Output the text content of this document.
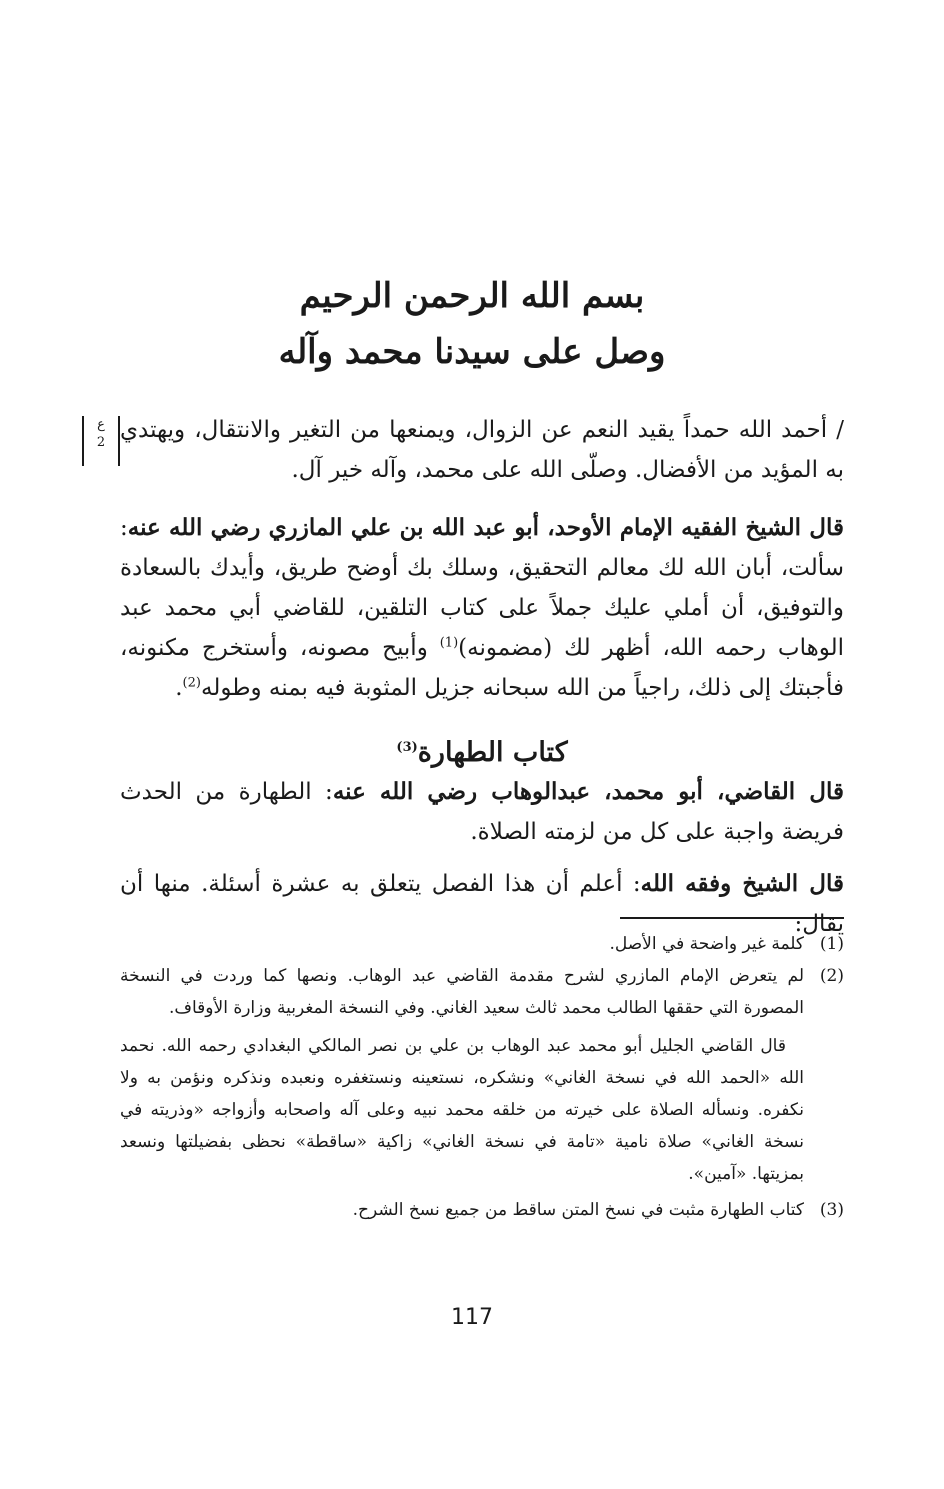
بسم الله الرحمن الرحيم
وصل على سيدنا محمد وآله
ع
2 / أحمد الله حمداً يقيد النعم عن الزوال، ويمنعها من التغير والانتقال، ويهتدي به المؤيد من الأفضال. وصلّى الله على محمد، وآله خير آل.

قال الشيخ الفقيه الإمام الأوحد، أبو عبد الله بن علي المازري رضي الله عنه: سألت، أبان الله لك معالم التحقيق، وسلك بك أوضح طريق، وأيدك بالسعادة والتوفيق، أن أملي عليك جملاً على كتاب التلقين، للقاضي أبي محمد عبد الوهاب رحمه الله، أظهر لك (مضمونه)$^{(1)}$ وأبيح مصونه، وأستخرج مكنونه، فأجبتك إلى ذلك، راجياً من الله سبحانه جزيل المثوبة فيه بمنه وطوله$^{(2)}$.

كتاب الطهارة$^{(3)}$

قال القاضي، أبو محمد، عبدالوهاب رضي الله عنه: الطهارة من الحدث فريضة واجبة على كل من لزمته الصلاة.

قال الشيخ وفقه الله: أعلم أن هذا الفصل يتعلق به عشرة أسئلة. منها أن يقال:

(1)
كلمة غير واضحة في الأصل.

(2)
لم يتعرض الإمام المازري لشرح مقدمة القاضي عبد الوهاب. ونصها كما وردت في النسخة المصورة التي حققها الطالب محمد ثالث سعيد الغاني. وفي النسخة المغربية وزارة الأوقاف.

قال القاضي الجليل أبو محمد عبد الوهاب بن علي بن نصر المالكي البغدادي رحمه الله. نحمد الله «الحمد الله في نسخة الغاني» ونشكره، نستعينه ونستغفره ونعبده ونذكره ونؤمن به ولا نكفره. ونسأله الصلاة على خيرته من خلقه محمد نبيه وعلى آله واصحابه وأزواجه «وذريته في نسخة الغاني» صلاة نامية «تامة في نسخة الغاني» زاكية «ساقطة» نحظى بفضيلتها ونسعد بمزيتها. «آمين».

(3)
كتاب الطهارة مثبت في نسخ المتن ساقط من جميع نسخ الشرح.

117
